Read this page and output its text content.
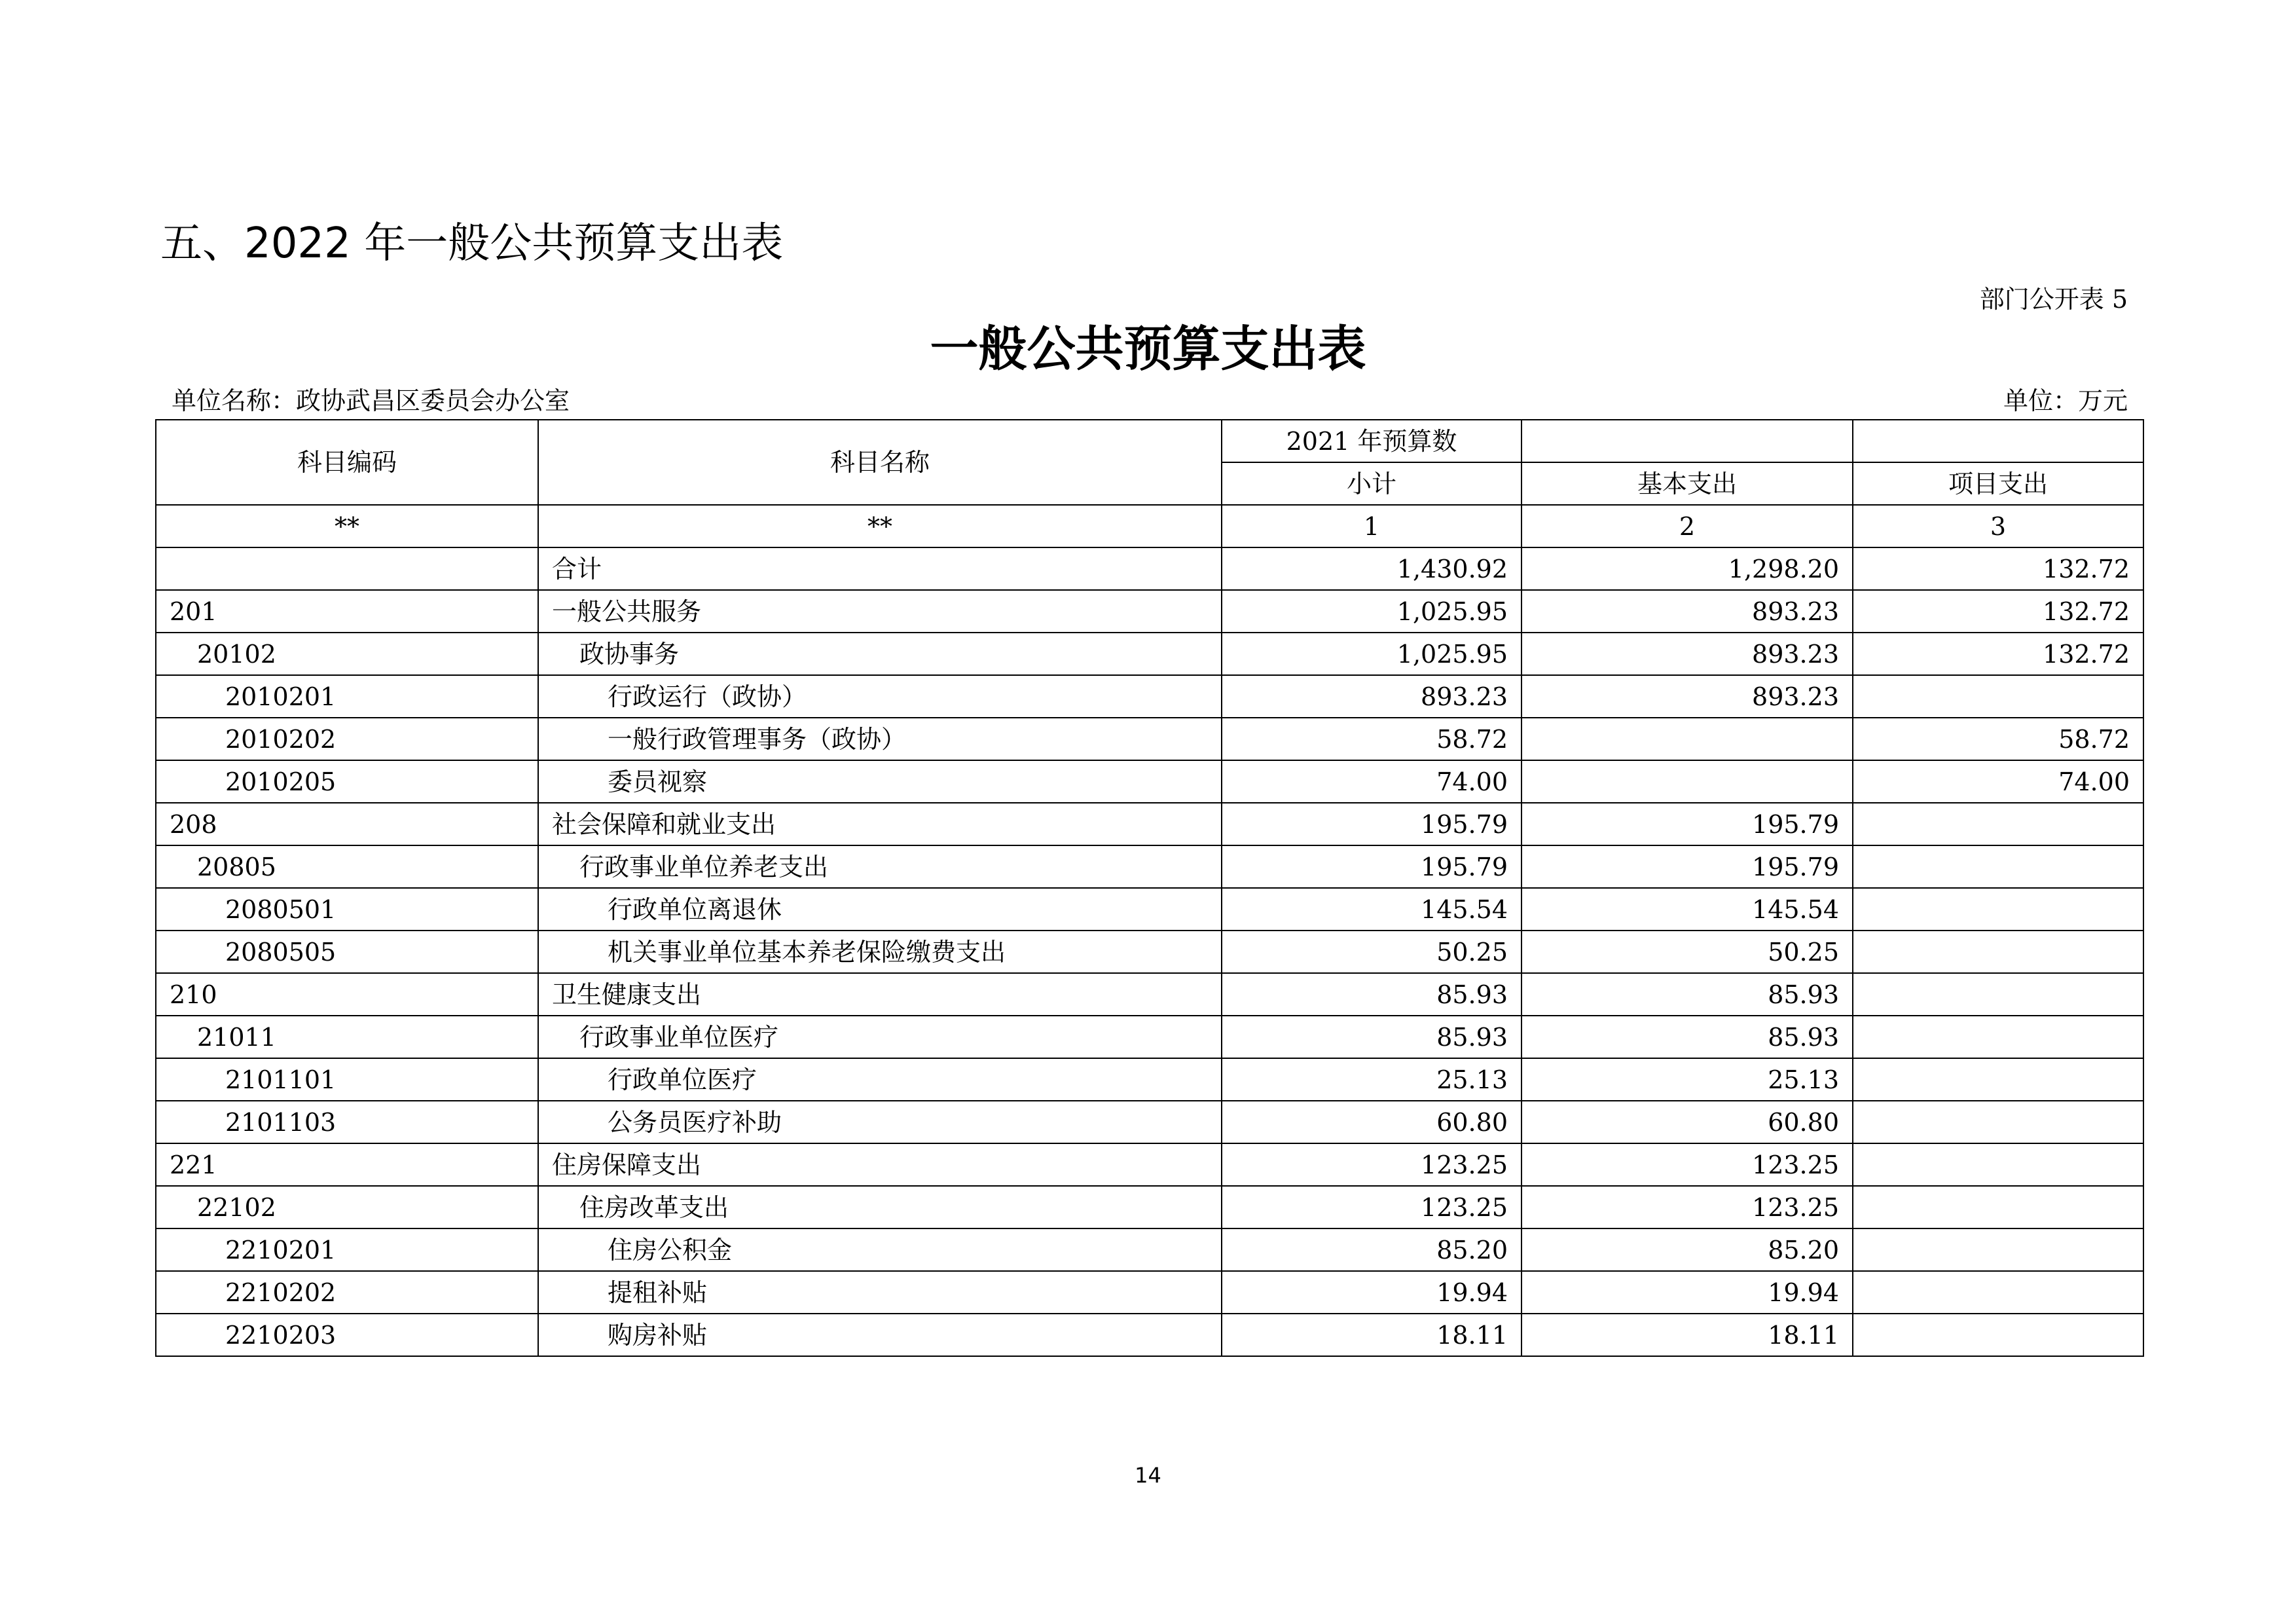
五、2022 年一般公共预算支出表
部门公开表 5
一般公共预算支出表
单位名称：政协武昌区委员会办公室	单位：万元
科目编码	科目名称	2021 年预算数		
		小计	基本支出	项目支出
**	**	1	2	3
	合计	1,430.92	1,298.20	132.72
201	一般公共服务	1,025.95	893.23	132.72
20102	政协事务	1,025.95	893.23	132.72
2010201	行政运行（政协）	893.23	893.23	
2010202	一般行政管理事务（政协）	58.72		58.72
2010205	委员视察	74.00		74.00
208	社会保障和就业支出	195.79	195.79	
20805	行政事业单位养老支出	195.79	195.79	
2080501	行政单位离退休	145.54	145.54	
2080505	机关事业单位基本养老保险缴费支出	50.25	50.25	
210	卫生健康支出	85.93	85.93	
21011	行政事业单位医疗	85.93	85.93	
2101101	行政单位医疗	25.13	25.13	
2101103	公务员医疗补助	60.80	60.80	
221	住房保障支出	123.25	123.25	
22102	住房改革支出	123.25	123.25	
2210201	住房公积金	85.20	85.20	
2210202	提租补贴	19.94	19.94	
2210203	购房补贴	18.11	18.11	
14
